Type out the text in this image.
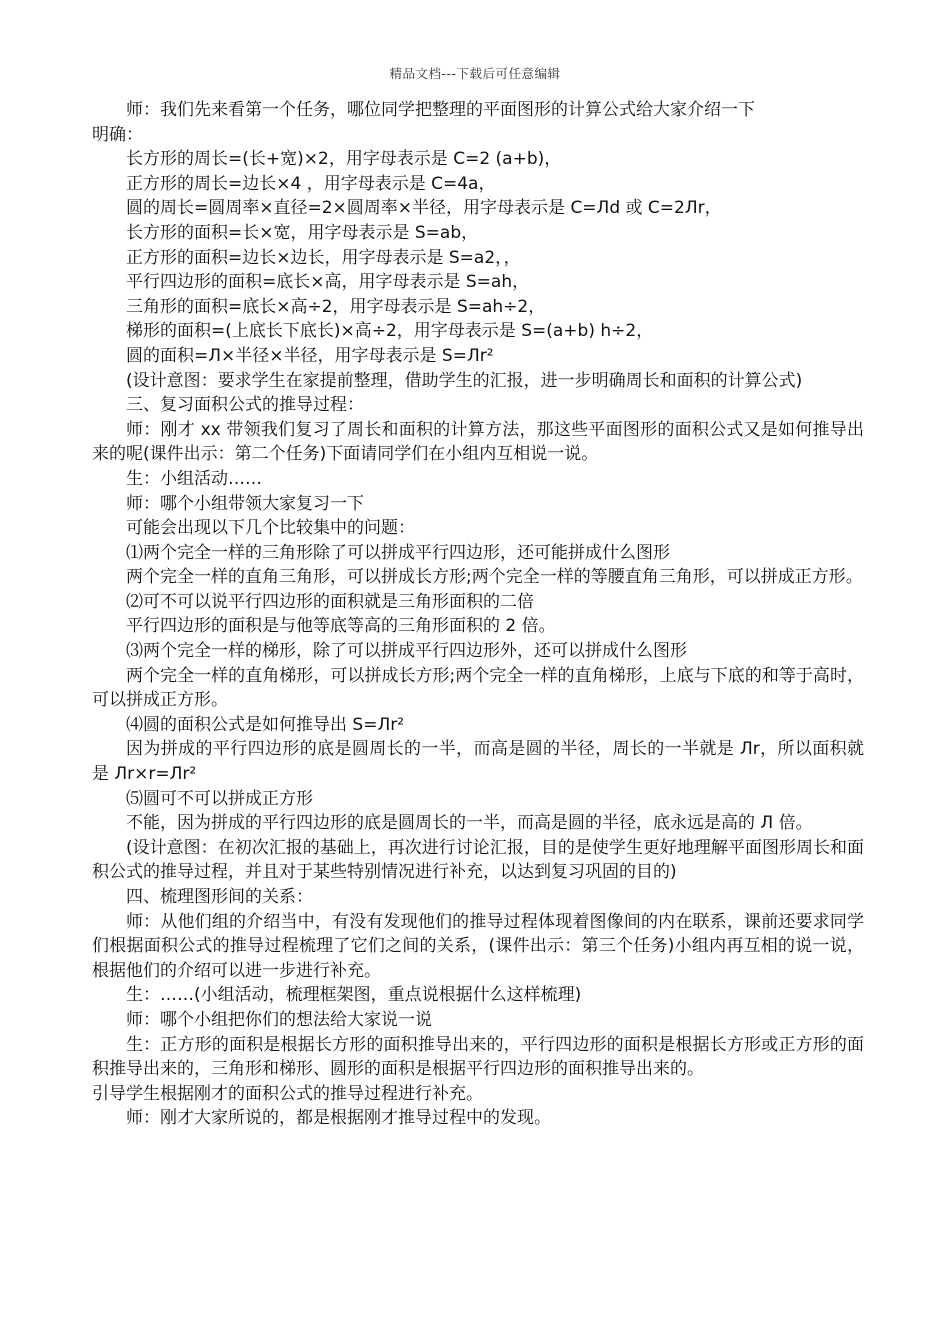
精品文档---下载后可任意编辑

师：我们先来看第一个任务，哪位同学把整理的平面图形的计算公式给大家介绍一下

明确：

长方形的周长=(长+宽)×2，用字母表示是 C=2 (a+b)，

正方形的周长=边长×4 ，用字母表示是 C=4a，

圆的周长=圆周率×直径=2×圆周率×半径，用字母表示是 C=Лd 或 C=2Лr，

长方形的面积=长×宽，用字母表示是 S=ab，

正方形的面积=边长×边长，用字母表示是 S=a2，，

平行四边形的面积=底长×高，用字母表示是 S=ah，

三角形的面积=底长×高÷2，用字母表示是 S=ah÷2，

梯形的面积=(上底长下底长)×高÷2，用字母表示是 S=(a+b) h÷2，

圆的面积=Л×半径×半径，用字母表示是 S=Лr²

(设计意图：要求学生在家提前整理，借助学生的汇报，进一步明确周长和面积的计算公式)

三、复习面积公式的推导过程：

师：刚才 xx 带领我们复习了周长和面积的计算方法，那这些平面图形的面积公式又是如何推导出来的呢(课件出示：第二个任务)下面请同学们在小组内互相说一说。

生：小组活动……

师：哪个小组带领大家复习一下

可能会出现以下几个比较集中的问题：

⑴两个完全一样的三角形除了可以拼成平行四边形，还可能拼成什么图形

两个完全一样的直角三角形，可以拼成长方形;两个完全一样的等腰直角三角形，可以拼成正方形。

⑵可不可以说平行四边形的面积就是三角形面积的二倍

平行四边形的面积是与他等底等高的三角形面积的 2 倍。

⑶两个完全一样的梯形，除了可以拼成平行四边形外，还可以拼成什么图形

两个完全一样的直角梯形，可以拼成长方形;两个完全一样的直角梯形，上底与下底的和等于高时，可以拼成正方形。

⑷圆的面积公式是如何推导出 S=Лr²

因为拼成的平行四边形的底是圆周长的一半，而高是圆的半径，周长的一半就是 Лr，所以面积就是 Лr×r=Лr²

⑸圆可不可以拼成正方形

不能，因为拼成的平行四边形的底是圆周长的一半，而高是圆的半径，底永远是高的 Л 倍。

(设计意图：在初次汇报的基础上，再次进行讨论汇报，目的是使学生更好地理解平面图形周长和面积公式的推导过程，并且对于某些特别情况进行补充，以达到复习巩固的目的)

四、梳理图形间的关系：

师：从他们组的介绍当中，有没有发现他们的推导过程体现着图像间的内在联系，课前还要求同学们根据面积公式的推导过程梳理了它们之间的关系，(课件出示：第三个任务)小组内再互相的说一说，根据他们的介绍可以进一步进行补充。

生：……(小组活动，梳理框架图，重点说根据什么这样梳理)

师：哪个小组把你们的想法给大家说一说

生：正方形的面积是根据长方形的面积推导出来的，平行四边形的面积是根据长方形或正方形的面积推导出来的，三角形和梯形、圆形的面积是根据平行四边形的面积推导出来的。

引导学生根据刚才的面积公式的推导过程进行补充。

师：刚才大家所说的，都是根据刚才推导过程中的发现。
